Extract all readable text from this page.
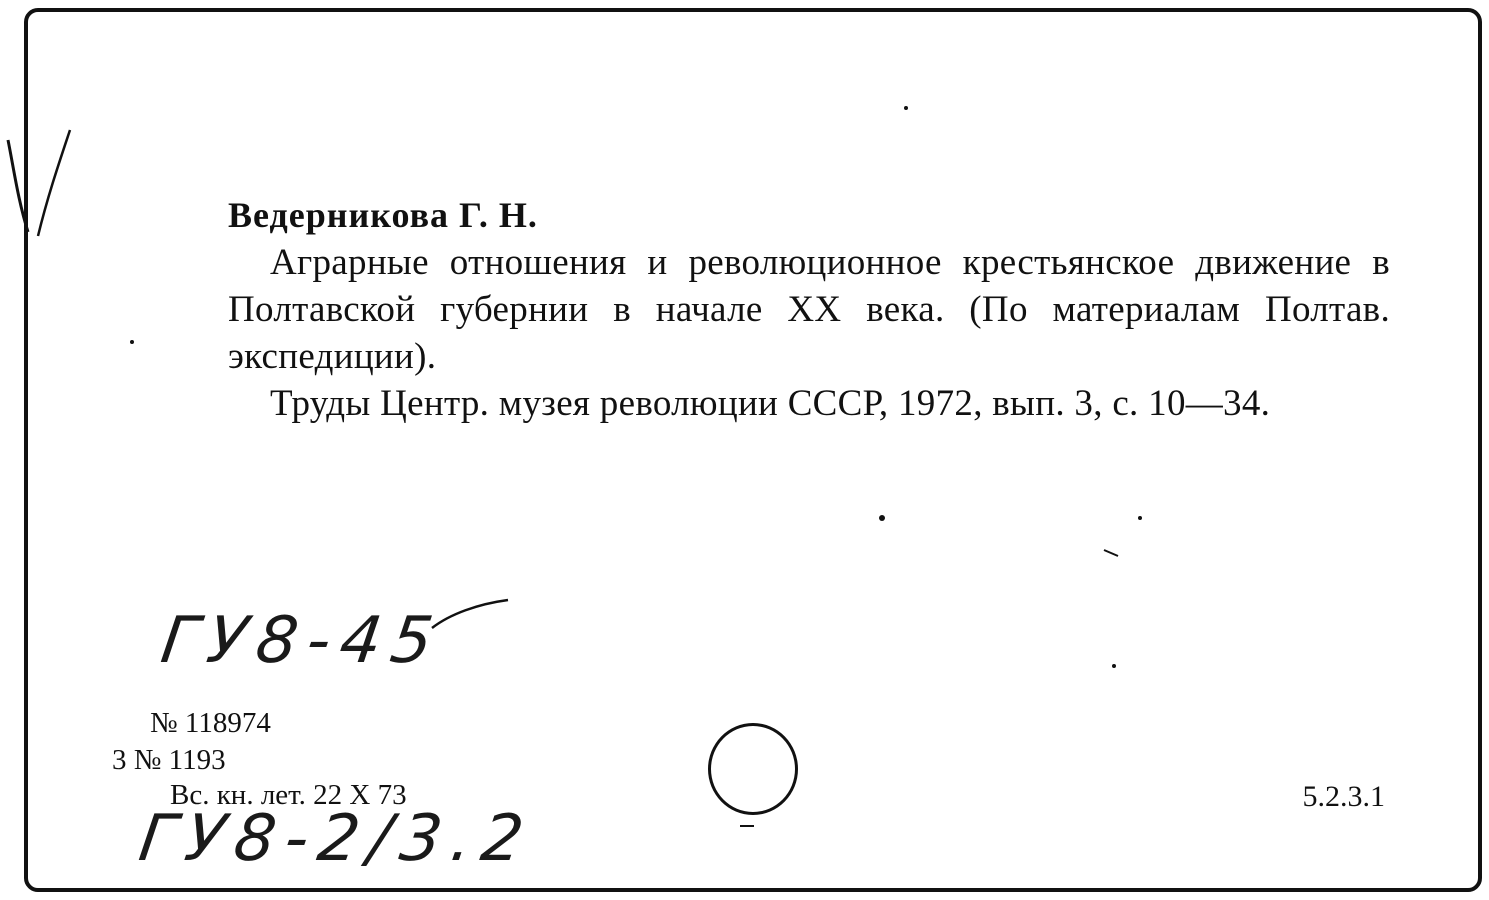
Ведерникова Г. Н.
Аграрные отношения и революционное крестьянское движение в Полтавской губернии в начале XX века. (По материалам Полтав. экспедиции).
Труды Центр. музея революции СССР, 1972, вып. 3, с. 10—34.
ГУ8-45
№ 118974
3 № 1193
Вс. кн. лет. 22 X 73
ГУ8-2/3.2
5.2.3.1
